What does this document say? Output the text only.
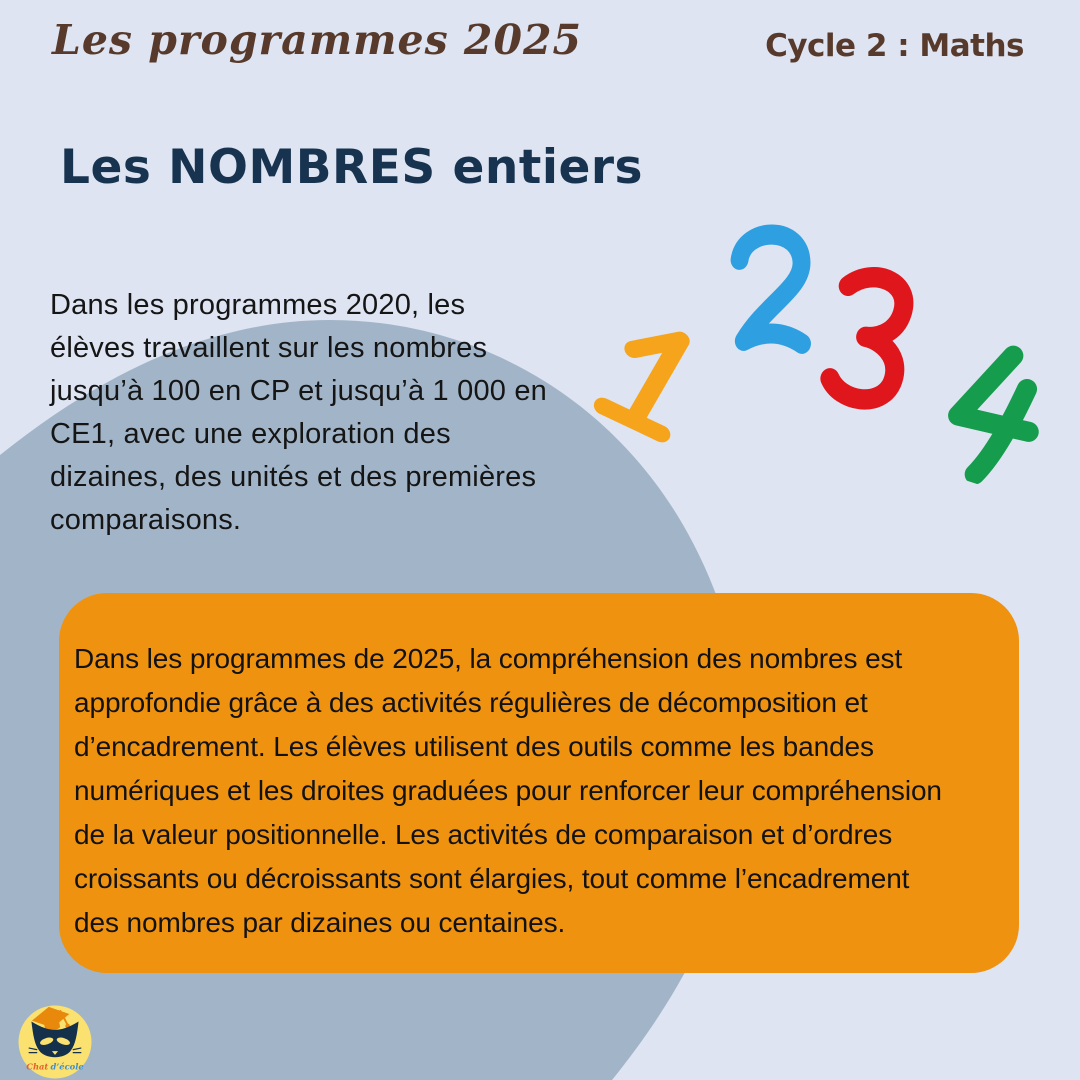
Les programmes 2025	Cycle 2 : Maths
Les NOMBRES entiers
Dans les programmes 2020, les
élèves travaillent sur les nombres
jusqu’à 100 en CP et jusqu’à 1 000 en
CE1, avec une exploration des
dizaines, des unités et des premières
comparaisons.
Dans les programmes de 2025, la compréhension des nombres est
approfondie grâce à des activités régulières de décomposition et
d’encadrement. Les élèves utilisent des outils comme les bandes
numériques et les droites graduées pour renforcer leur compréhension
de la valeur positionnelle. Les activités de comparaison et d’ordres
croissants ou décroissants sont élargies, tout comme l’encadrement
des nombres par dizaines ou centaines.
Chat d’école
